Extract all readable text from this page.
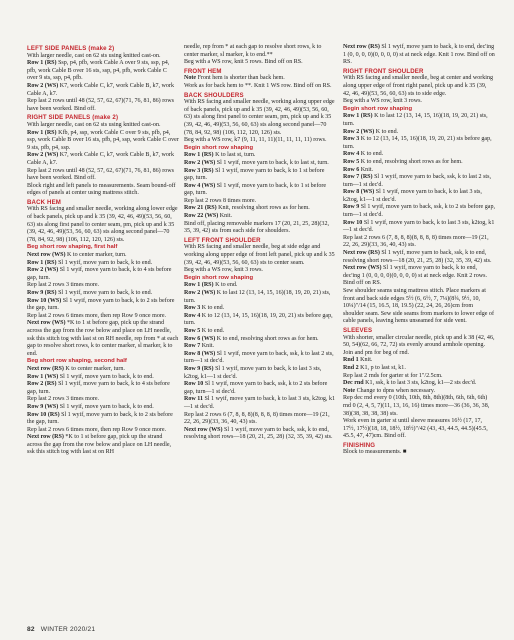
LEFT SIDE PANELS (make 2)
With larger needle, cast on 62 sts using knitted cast-on.
Row 1 (RS) Ssp, p4, pfb, work Cable A over 9 sts, ssp, p4, pfb, work Cable B over 16 sts, ssp, p4, pfb, work Cable C over 9 sts, ssp, p4, pfb.
Row 2 (WS) K7, work Cable C, k7, work Cable B, k7, work Cable A, k7.
Rep last 2 rows until 48 (52, 57, 62, 67)(71, 76, 81, 86) rows have been worked. Bind off.
RIGHT SIDE PANELS (make 2)
With larger needle, cast on 62 sts using knitted cast-on.
Row 1 (RS) Kfb, p4, ssp, work Cable C over 9 sts, pfb, p4, ssp, work Cable B over 16 sts, pfb, p4, ssp, work Cable C over 9 sts, pfb, p4, ssp.
Row 2 (WS) K7, work Cable C, k7, work Cable B, k7, work Cable A, k7.
Rep last 2 rows until 48 (52, 57, 62, 67)(71, 76, 81, 86) rows have been worked. Bind off.
Block right and left panels to measurements. Seam bound-off edges of panels at center using mattress stitch.
BACK HEM
With RS facing and smaller needle, working along lower edge of back panels, pick up and k 35 (39, 42, 46, 49)(53, 56, 60, 63) sts along first panel to center seam, pm, pick up and k 35 (39, 42, 46, 49)(53, 56, 60, 63) sts along second panel—70 (78, 84, 92, 98) (106, 112, 120, 126) sts.
Beg short row shaping, first half
Next row (WS) K to center marker, turn.
Row 1 (RS) Sl 1 wyif, move yarn to back, k to end.
Row 2 (WS) Sl 1 wyif, move yarn to back, k to 4 sts before gap, turn.
Rep last 2 rows 3 times more.
Row 9 (RS) Sl 1 wyif, move yarn to back, k to end.
Row 10 (WS) Sl 1 wyif, move yarn to back, k to 2 sts before the gap, turn.
Rep last 2 rows 6 times more, then rep Row 9 once more.
Next row (WS) *K to 1 st before gap, pick up the strand across the gap from the row below and place on LH needle, ssk this stitch tog with last st on RH needle, rep from * at each gap to resolve short rows, k to center marker, sl marker, k to end.
Beg short row shaping, second half
Next row (RS) K to center marker, turn.
Row 1 (WS) Sl 1 wyif, move yarn to back, k to end.
Row 2 (RS) Sl 1 wyif, move yarn to back, k to 4 sts before gap, turn.
Rep last 2 rows 3 times more.
Row 9 (WS) Sl 1 wyif, move yarn to back, k to end.
Row 10 (RS) Sl 1 wyif, move yarn to back, k to 2 sts before the gap, turn.
Rep last 2 rows 6 times more, then rep Row 9 once more.
Next row (RS) *K to 1 st before gap, pick up the strand across the gap from the row below and place on LH needle, ssk this stitch tog with last st on RH
needle, rep from * at each gap to resolve short rows, k to center marker, sl marker, k to end.**
Beg with a WS row, knit 5 rows. Bind off on RS.
FRONT HEM
Note Front hem is shorter than back hem.
Work as for back hem to **. Knit 1 WS row. Bind off on RS.
BACK SHOULDERS
With RS facing and smaller needle, working along upper edge of back panels, pick up and k 35 (39, 42, 46, 49)(53, 56, 60, 63) sts along first panel to center seam, pm, pick up and k 35 (39, 42, 46, 49)(53, 56, 60, 63) sts along second panel—70 (78, 84, 92, 98) (106, 112, 120, 126) sts.
Beg with a WS row, k7 (9, 11, 11, 11)(11, 11, 11, 11) rows.
Begin short row shaping
Row 1 (RS) K to last st, turn.
Row 2 (WS) Sl 1 wyif, move yarn to back, k to last st, turn.
Row 3 (RS) Sl 1 wyif, move yarn to back, k to 1 st before gap, turn.
Row 4 (WS) Sl 1 wyif, move yarn to back, k to 1 st before gap, turn.
Rep last 2 rows 8 times more.
Row 21 (RS) Knit, resolving short rows as for hem.
Row 22 (WS) Knit.
Bind off, placing removable markers 17 (20, 21, 25, 28)(32, 35, 39, 42) sts from each side for shoulders.
LEFT FRONT SHOULDER
With RS facing and smaller needle, beg at side edge and working along upper edge of front left panel, pick up and k 35 (39, 42, 46, 49)(53, 56, 60, 63) sts to center seam.
Beg with a WS row, knit 3 rows.
Begin short row shaping
Row 1 (RS) K to end.
Row 2 (WS) K to last 12 (13, 14, 15, 16)(18, 19, 20, 21) sts, turn.
Row 3 K to end.
Row 4 K to 12 (13, 14, 15, 16)(18, 19, 20, 21) sts before gap, turn.
Row 5 K to end.
Row 6 (WS) K to end, resolving short rows as for hem.
Row 7 Knit.
Row 8 (WS) Sl 1 wyif, move yarn to back, ssk, k to last 2 sts, turn—1 st dec'd.
Row 9 (RS) Sl 1 wyif, move yarn to back, k to last 3 sts, k2tog, k1—1 st dec'd.
Row 10 Sl 1 wyif, move yarn to back, ssk, k to 2 sts before gap, turn—1 st dec'd.
Row 11 Sl 1 wyif, move yarn to back, k to last 3 sts, k2tog, k1—1 st dec'd.
Rep last 2 rows 6 (7, 8, 8, 8)(8, 8, 8, 8) times more—19 (21, 22, 26, 29)(33, 36, 40, 43) sts.
Next row (WS) Sl 1 wyif, move yarn to back, ssk, k to end, resolving short rows—18 (20, 21, 25, 28) (32, 35, 39, 42) sts.
Next row (RS) Sl 1 wyif, move yarn to back, k to end, dec'ing 1 (0, 0, 0, 0)(0, 0, 0, 0) st at neck edge. Knit 1 row. Bind off on RS.
RIGHT FRONT SHOULDER
With RS facing and smaller needle, beg at center and working along upper edge of front right panel, pick up and k 35 (39, 42, 46, 49)(53, 56, 60, 63) sts to side edge.
Beg with a WS row, knit 3 rows.
Begin short row shaping
Row 1 (RS) K to last 12 (13, 14, 15, 16)(18, 19, 20, 21) sts, turn.
Row 2 (WS) K to end.
Row 3 K to 12 (13, 14, 15, 16)(18, 19, 20, 21) sts before gap, turn.
Row 4 K to end.
Row 5 K to end, resolving short rows as for hem.
Row 6 Knit.
Row 7 (RS) Sl 1 wyif, move yarn to back, ssk, k to last 2 sts, turn—1 st dec'd.
Row 8 (WS) Sl 1 wyif, move yarn to back, k to last 3 sts, k2tog, k1—1 st dec'd.
Row 9 Sl 1 wyif, move yarn to back, ssk, k to 2 sts before gap, turn—1 st dec'd.
Row 10 Sl 1 wyif, move yarn to back, k to last 3 sts, k2tog, k1—1 st dec'd.
Rep last 2 rows 6 (7, 8, 8, 8)(8, 8, 8, 8) times more—19 (21, 22, 26, 29)(33, 36, 40, 43) sts.
Next row (RS) Sl 1 wyif, move yarn to back, ssk, k to end, resolving short rows—18 (20, 21, 25, 28) (32, 35, 39, 42) sts.
Next row (WS) Sl 1 wyif, move yarn to back, k to end, dec'ing 1 (0, 0, 0, 0)(0, 0, 0, 0) st at neck edge. Knit 2 rows. Bind off on RS.
Sew shoulder seams using mattress stitch. Place markers at front and back side edges 5½ (6, 6½, 7, 7¼)(8¾, 9½, 10, 10¼)"/14 (15, 16.5, 18, 19.5) (22, 24, 26, 26)cm from shoulder seam. Sew side seams from markers to lower edge of cable panels, leaving hems unseamed for side vent.
SLEEVES
With shorter, smaller circular needle, pick up and k 38 (42, 46, 50, 54)(62, 66, 72, 72) sts evenly around armhole opening. Join and pm for beg of rnd.
Rnd 1 Knit.
Rnd 2 K1, p to last st, k1.
Rep last 2 rnds for garter st for 1"/2.5cm.
Dec rnd K1, ssk, k to last 3 sts, k2tog, k1—2 sts dec'd.
Note Change to dpns when necessary.
Rep dec rnd every 0 (10th, 10th, 8th, 8th)(8th, 6th, 6th, 6th) rnd 0 (2, 4, 5, 7)(11, 13, 16, 16) times more—36 (36, 36, 38, 38)(38, 38, 38, 38) sts.
Work even in garter st until sleeve measures 16½ (17, 17, 17½, 17½)(18, 18, 18½, 18½)"/42 (43, 43, 44.5, 44.5)(45.5, 45.5, 47, 47)cm. Bind off.
FINISHING
Block to measurements. ■
82 WINTER 2020/21
